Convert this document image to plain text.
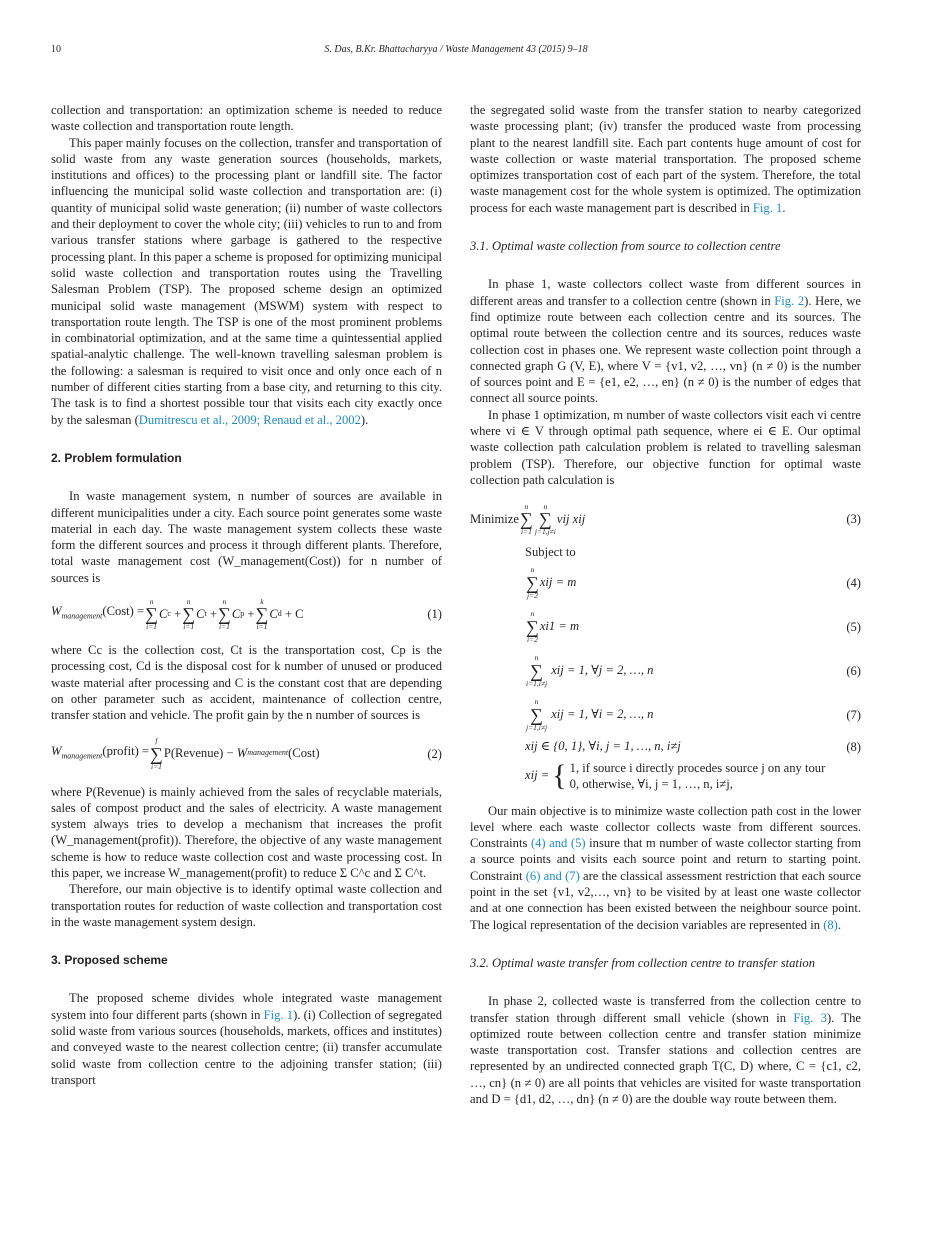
10	S. Das, B.Kr. Bhattacharyya / Waste Management 43 (2015) 9–18

collection and transportation: an optimization scheme is needed to reduce waste collection and transportation route length.

This paper mainly focuses on the collection, transfer and transportation of solid waste from any waste generation sources (households, markets, institutions and offices) to the processing plant or landfill site. The factor influencing the municipal solid waste collection and transportation are: (i) quantity of municipal solid waste generation; (ii) number of waste collectors and their deployment to cover the whole city; (iii) vehicles to run to and from various transfer stations where garbage is gathered to the respective processing plant. In this paper a scheme is proposed for optimizing municipal solid waste collection and transportation routes using the Travelling Salesman Problem (TSP). The proposed scheme design an optimized municipal solid waste management (MSWM) system with respect to transportation route length. The TSP is one of the most prominent problems in combinatorial optimization, and at the same time a quintessential applied spatial-analytic challenge. The well-known travelling salesman problem is the following: a salesman is required to visit once and only once each of n number of different cities starting from a base city, and returning to this city. The task is to find a shortest possible tour that visits each city exactly once by the salesman (Dumitrescu et al., 2009; Renaud et al., 2002).

2. Problem formulation

In waste management system, n number of sources are available in different municipalities under a city. Each source point generates some waste material in each day. The waste management system collects these waste form the different sources and process it through different plants. Therefore, total waste management cost (W_management(Cost)) for n number of sources is

$W_{management}(Cost)$ =
n
∑
i=1
C c +
n
∑
i=1
C t +
n
∑
i=1
C p +
k
∑
i=1
C d
+ C	(1)

where Cc is the collection cost, Ct is the transportation cost, Cp is the processing cost, Cd is the disposal cost for k number of unused or produced waste material after processing and C is the constant cost that are depending on other parameter such as accident, maintenance of collection centre, transfer station and vehicle. The profit gain by the n number of sources is

$W_{management}(profit)$ =
f
∑
i=1
P(Revenue) −
W management (Cost)	(2)

where P(Revenue) is mainly achieved from the sales of recyclable materials, sales of compost product and the sales of electricity. A waste management system always tries to develop a mechanism that increases the profit (W_management(profit)). Therefore, the objective of any waste management scheme is how to reduce waste collection cost and waste processing cost. In this paper, we increase W_management(profit) to reduce Σ C^c and Σ C^t.

Therefore, our main objective is to identify optimal waste collection and transportation routes for reduction of waste collection and transportation cost in the waste management system design.

3. Proposed scheme

The proposed scheme divides whole integrated waste management system into four different parts (shown in Fig. 1). (i) Collection of segregated solid waste from various sources (households, markets, offices and institutes) and conveyed waste to the nearest collection centre; (ii) transfer accumulate solid waste from collection centre to the adjoining transfer station; (iii) transport

the segregated solid waste from the transfer station to nearby categorized waste processing plant; (iv) transfer the produced waste from processing plant to the nearest landfill site. Each part contents huge amount of cost for waste collection or waste material transportation. The proposed scheme optimizes transportation cost of each part of the system. Therefore, the total waste management cost for the whole system is optimized. The optimization process for each waste management part is described in Fig. 1.

3.1. Optimal waste collection from source to collection centre

In phase 1, waste collectors collect waste from different sources in different areas and transfer to a collection centre (shown in Fig. 2). Here, we find optimize route between each collection centre and its sources. The optimal route between the collection centre and its sources, reduces waste collection cost in phases one. We represent waste collection point through a connected graph G (V, E), where V = {v1, v2, …, vn} (n ≠ 0) is the number of sources point and E = {e1, e2, …, en} (n ≠ 0) is the number of edges that connect all source points.

In phase 1 optimization, m number of waste collectors visit each vi centre where vi ∈ V through optimal path sequence, where ei ∈ E. Our optimal waste collection path calculation problem is related to travelling salesman problem (TSP). Therefore, our objective function for optimal waste collection path calculation is

Minimize
n
∑
i=1
n
∑
j=1,j≠i
vij xij	(3)

Subject to

n
∑
j=2
xij = m	(4)
n
∑
i=2
xi1 = m	(5)
n
∑
i=1,i≠j

xij = 1, ∀j = 2, …, n	(6)
n
∑
j=1,i≠j

xij = 1, ∀i = 2, …, n	(7)
xij ∈ {0, 1}, ∀i, j = 1, …, n, i≠j	(8)
xij = { 1, if source i directly procedes source j on any tour
0, otherwise, ∀i, j = 1, …, n, i≠j,

Our main objective is to minimize waste collection path cost in the lower level where each waste collector collects waste from different sources. Constraints (4) and (5) insure that m number of waste collector starting from a source points and visits each source point and return to starting point. Constraint (6) and (7) are the classical assessment restriction that each source point in the set {v1, v2,…, vn} to be visited by at least one waste collector and at one connection has been existed between the neighbour source point. The logical representation of the decision variables are represented in (8).

3.2. Optimal waste transfer from collection centre to transfer station

In phase 2, collected waste is transferred from the collection centre to transfer station through different small vehicle (shown in Fig. 3). The optimized route between collection centre and transfer station minimize waste transportation cost. Transfer stations and collection centres are represented by an undirected connected graph T(C, D) where, C = {c1, c2, …, cn} (n ≠ 0) are all points that vehicles are visited for waste transportation and D = {d1, d2, …, dn} (n ≠ 0) are the double way route between them.
